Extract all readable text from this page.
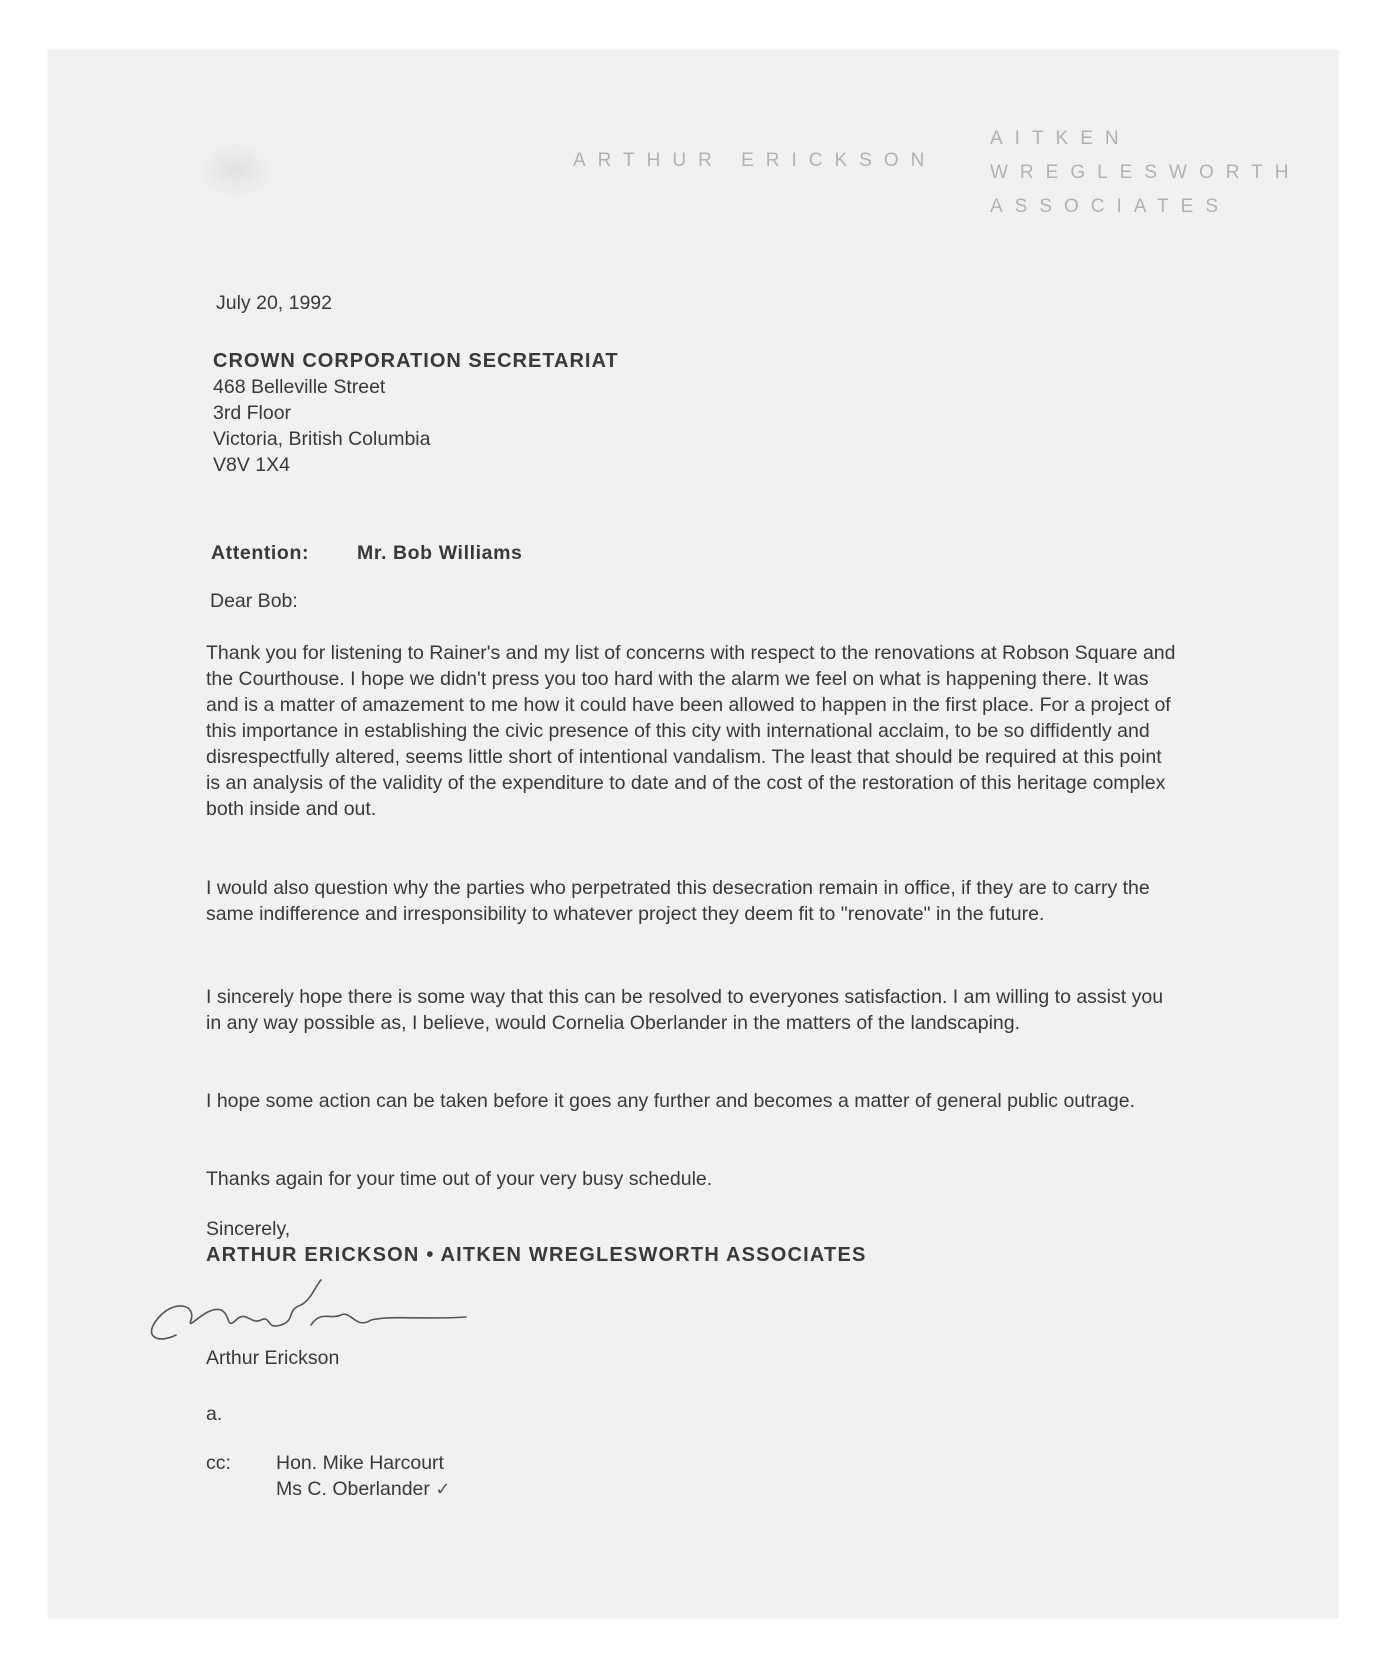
ARTHUR ERICKSON
AITKEN
WREGLESWORTH
ASSOCIATES
July 20, 1992
CROWN CORPORATION SECRETARIAT
468 Belleville Street
3rd Floor
Victoria, British Columbia
V8V 1X4
Attention: Mr. Bob Williams
Dear Bob:

Thank you for listening to Rainer's and my list of concerns with respect to the renovations at Robson Square and the Courthouse. I hope we didn't press you too hard with the alarm we feel on what is happening there. It was and is a matter of amazement to me how it could have been allowed to happen in the first place. For a project of this importance in establishing the civic presence of this city with international acclaim, to be so diffidently and disrespectfully altered, seems little short of intentional vandalism. The least that should be required at this point is an analysis of the validity of the expenditure to date and of the cost of the restoration of this heritage complex both inside and out.

I would also question why the parties who perpetrated this desecration remain in office, if they are to carry the same indifference and irresponsibility to whatever project they deem fit to "renovate" in the future.

I sincerely hope there is some way that this can be resolved to everyones satisfaction. I am willing to assist you in any way possible as, I believe, would Cornelia Oberlander in the matters of the landscaping.

I hope some action can be taken before it goes any further and becomes a matter of general public outrage.

Thanks again for your time out of your very busy schedule.

Sincerely,
ARTHUR ERICKSON • AITKEN WREGLESWORTH ASSOCIATES
Arthur Erickson
a.
cc: Hon. Mike Harcourt
Ms C. Oberlander ✓
